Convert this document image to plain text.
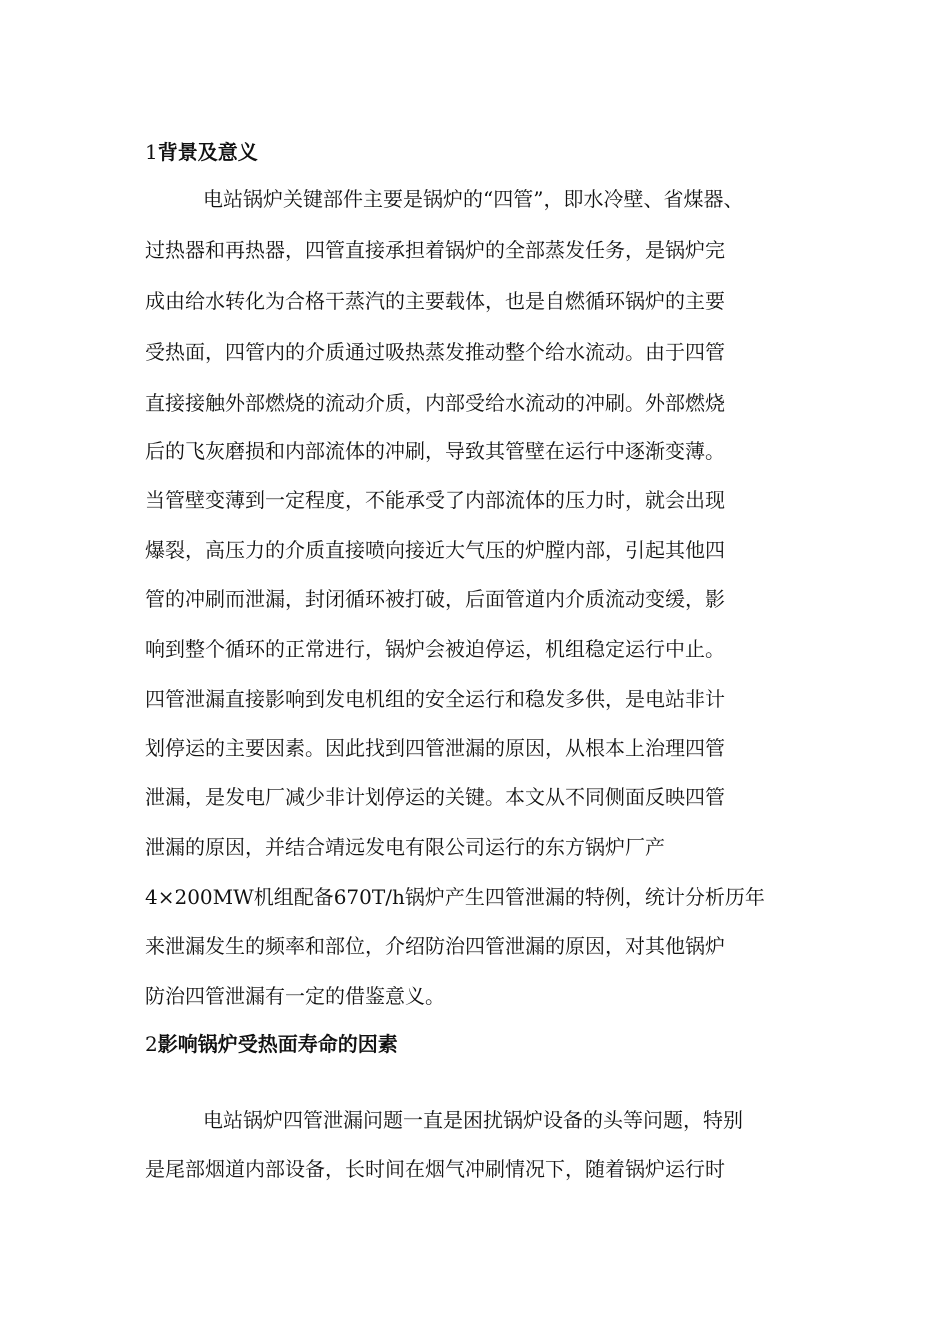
1背景及意义
电站锅炉关键部件主要是锅炉的“四管”，即水冷壁、省煤器、
过热器和再热器，四管直接承担着锅炉的全部蒸发任务，是锅炉完
成由给水转化为合格干蒸汽的主要载体，也是自燃循环锅炉的主要
受热面，四管内的介质通过吸热蒸发推动整个给水流动。由于四管
直接接触外部燃烧的流动介质，内部受给水流动的冲刷。外部燃烧
后的飞灰磨损和内部流体的冲刷，导致其管壁在运行中逐渐变薄。
当管壁变薄到一定程度，不能承受了内部流体的压力时，就会出现
爆裂，高压力的介质直接喷向接近大气压的炉膛内部，引起其他四
管的冲刷而泄漏，封闭循环被打破，后面管道内介质流动变缓，影
响到整个循环的正常进行，锅炉会被迫停运，机组稳定运行中止。
四管泄漏直接影响到发电机组的安全运行和稳发多供，是电站非计
划停运的主要因素。因此找到四管泄漏的原因，从根本上治理四管
泄漏，是发电厂减少非计划停运的关键。本文从不同侧面反映四管
泄漏的原因，并结合靖远发电有限公司运行的东方锅炉厂产
4×200MW机组配备670T/h锅炉产生四管泄漏的特例，统计分析历年
来泄漏发生的频率和部位，介绍防治四管泄漏的原因，对其他锅炉
防治四管泄漏有一定的借鉴意义。
2影响锅炉受热面寿命的因素
电站锅炉四管泄漏问题一直是困扰锅炉设备的头等问题，特别
是尾部烟道内部设备，长时间在烟气冲刷情况下，随着锅炉运行时
